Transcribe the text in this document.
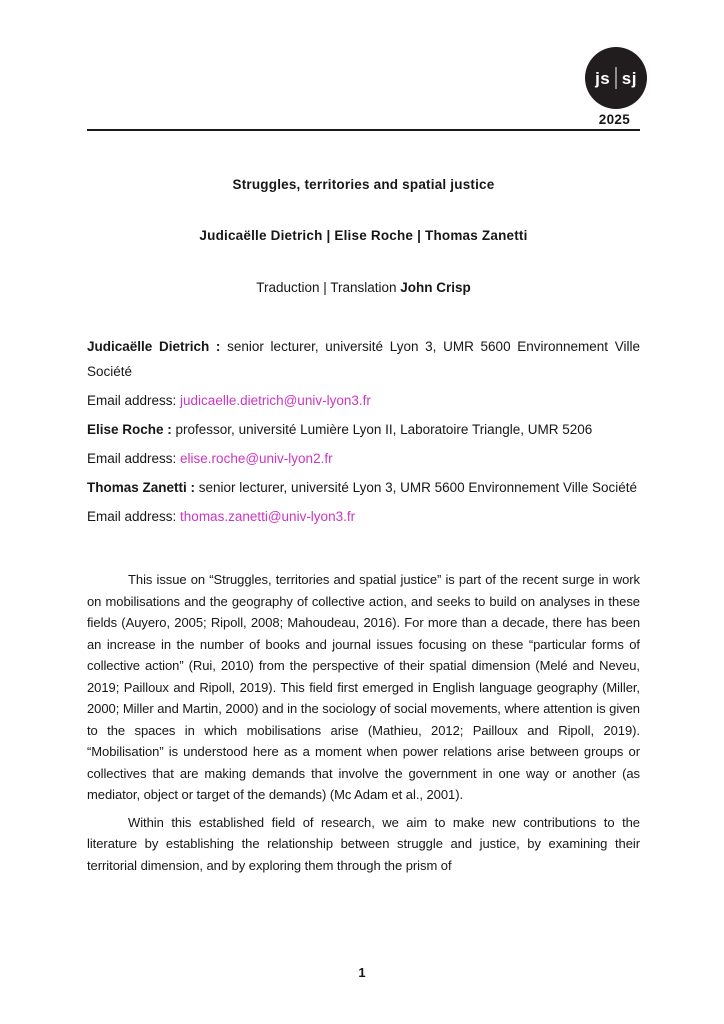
js sj
2025
Struggles, territories and spatial justice
Judicaëlle Dietrich | Elise Roche | Thomas Zanetti
Traduction | Translation John Crisp

Judicaëlle Dietrich : senior lecturer, université Lyon 3, UMR 5600 Environnement Ville Société

Email address: judicaelle.dietrich@univ-lyon3.fr

Elise Roche : professor, université Lumière Lyon II, Laboratoire Triangle, UMR 5206

Email address: elise.roche@univ-lyon2.fr

Thomas Zanetti : senior lecturer, université Lyon 3, UMR 5600 Environnement Ville Société

Email address: thomas.zanetti@univ-lyon3.fr

This issue on “Struggles, territories and spatial justice” is part of the recent surge in work on mobilisations and the geography of collective action, and seeks to build on analyses in these fields (Auyero, 2005; Ripoll, 2008; Mahoudeau, 2016). For more than a decade, there has been an increase in the number of books and journal issues focusing on these “particular forms of collective action” (Rui, 2010) from the perspective of their spatial dimension (Melé and Neveu, 2019; Pailloux and Ripoll, 2019). This field first emerged in English language geography (Miller, 2000; Miller and Martin, 2000) and in the sociology of social movements, where attention is given to the spaces in which mobilisations arise (Mathieu, 2012; Pailloux and Ripoll, 2019). “Mobilisation” is understood here as a moment when power relations arise between groups or collectives that are making demands that involve the government in one way or another (as mediator, object or target of the demands) (Mc Adam et al., 2001).

Within this established field of research, we aim to make new contributions to the literature by establishing the relationship between struggle and justice, by examining their territorial dimension, and by exploring them through the prism of

1
